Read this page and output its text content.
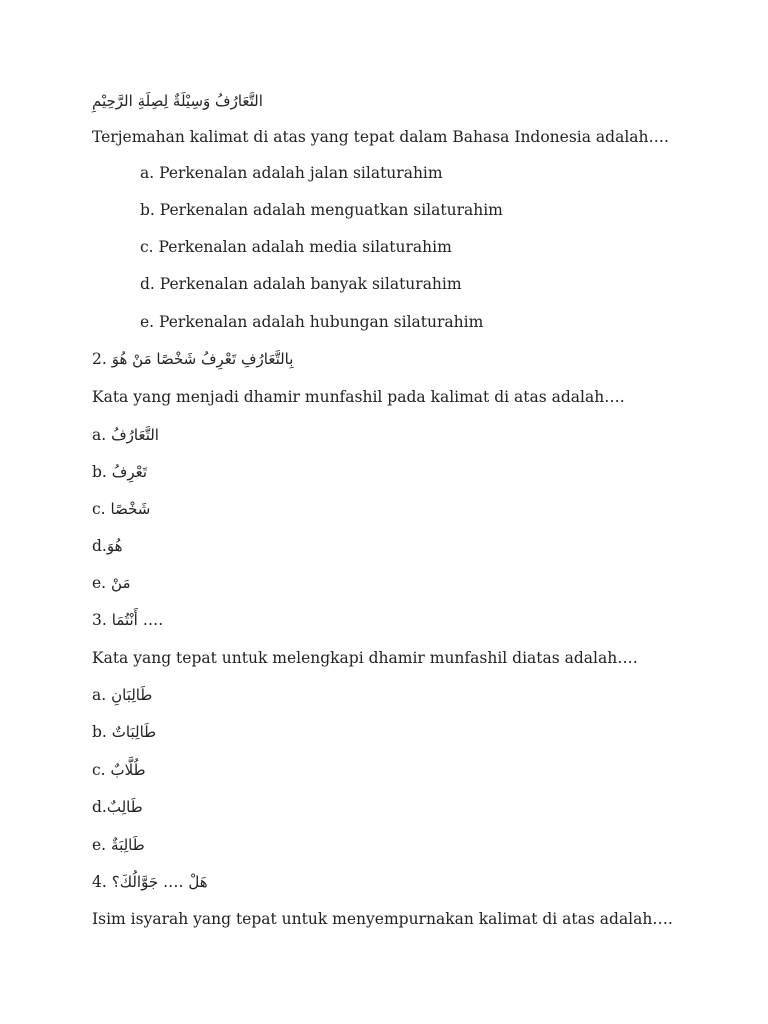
التَّعَارُفُ وَسِيْلَةٌ لِصِلَةِ الرَّحِيْمِ
Terjemahan kalimat di atas yang tepat dalam Bahasa Indonesia adalah….
a. Perkenalan adalah jalan silaturahim
b. Perkenalan adalah menguatkan silaturahim
c. Perkenalan adalah media silaturahim
d. Perkenalan adalah banyak silaturahim
e. Perkenalan adalah hubungan silaturahim
2. بِالتَّعَارُفِ تَعْرِفُ شَخْصًا مَنْ هُوَ
Kata yang menjadi dhamir munfashil pada kalimat di atas adalah….
a. التَّعَارُفُ
b. تَعْرِفُ
c. شَخْصًا
d.هُوَ
e. مَنْ
3. أَنْتُمَا ….
Kata yang tepat untuk melengkapi dhamir munfashil diatas adalah….
a. طَالِبَانِ
b. طَالِبَاتٌ
c. طُلَّابٌ
d.طَالِبٌ
e. طَالِبَةٌ
4. جَوَّالُكَ؟ …. هَلْ
Isim isyarah yang tepat untuk menyempurnakan kalimat di atas adalah….
